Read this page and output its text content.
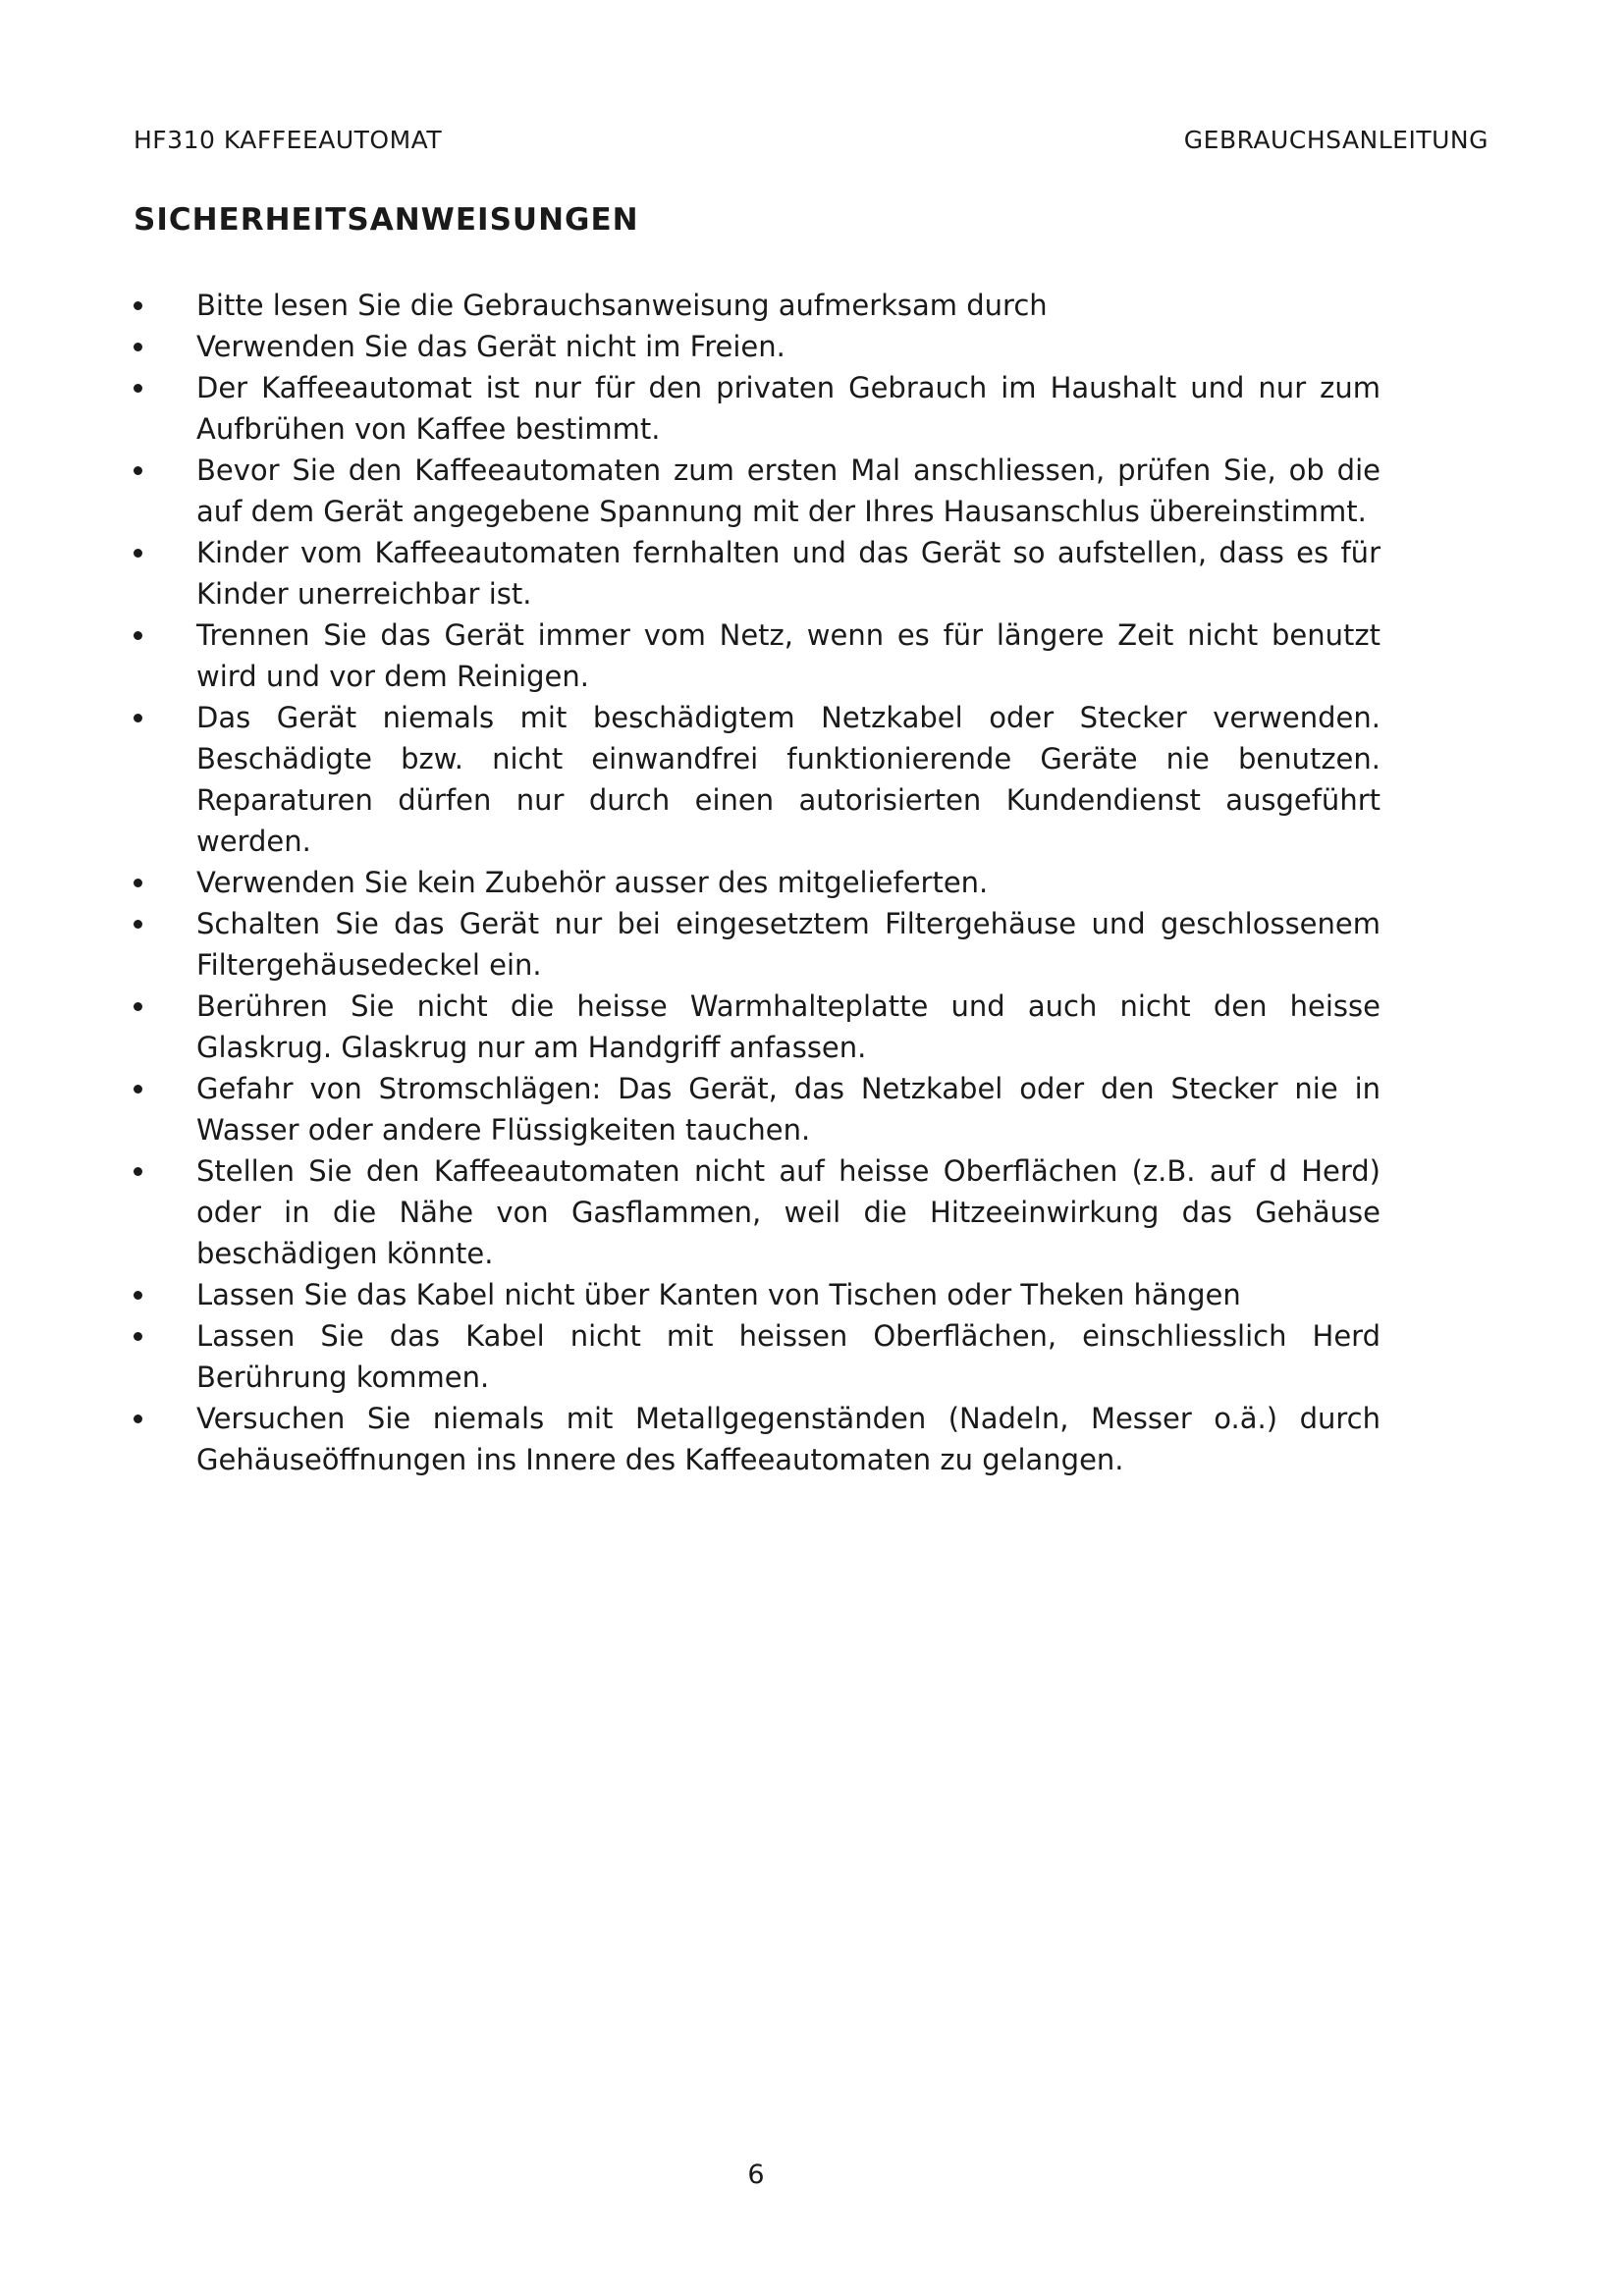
HF310 KAFFEEAUTOMAT	GEBRAUCHSANLEITUNG
SICHERHEITSANWEISUNGEN
Bitte lesen Sie die Gebrauchsanweisung aufmerksam durch
Verwenden Sie das Gerät nicht im Freien.
Der Kaffeeautomat ist nur für den privaten Gebrauch im Haushalt und nur zum Aufbrühen von Kaffee bestimmt.
Bevor Sie den Kaffeeautomaten zum ersten Mal anschliessen, prüfen Sie, ob die auf dem Gerät angegebene Spannung mit der Ihres Hausanschlus übereinstimmt.
Kinder vom Kaffeeautomaten fernhalten und das Gerät so aufstellen, dass es für Kinder unerreichbar ist.
Trennen Sie das Gerät immer vom Netz, wenn es für längere Zeit nicht benutzt wird und vor dem Reinigen.
Das Gerät niemals mit beschädigtem Netzkabel oder Stecker verwenden. Beschädigte bzw. nicht einwandfrei funktionierende Geräte nie benutzen. Reparaturen dürfen nur durch einen autorisierten Kundendienst ausgeführt werden.
Verwenden Sie kein Zubehör ausser des mitgelieferten.
Schalten Sie das Gerät nur bei eingesetztem Filtergehäuse und geschlossenem Filtergehäusedeckel ein.
Berühren Sie nicht die heisse Warmhalteplatte und auch nicht den heisse Glaskrug. Glaskrug nur am Handgriff anfassen.
Gefahr von Stromschlägen: Das Gerät, das Netzkabel oder den Stecker nie in Wasser oder andere Flüssigkeiten tauchen.
Stellen Sie den Kaffeeautomaten nicht auf heisse Oberflächen (z.B. auf d Herd) oder in die Nähe von Gasflammen, weil die Hitzeeinwirkung das Gehäuse beschädigen könnte.
Lassen Sie das Kabel nicht über Kanten von Tischen oder Theken hängen
Lassen Sie das Kabel nicht mit heissen Oberflächen, einschliesslich Herd Berührung kommen.
Versuchen Sie niemals mit Metallgegenständen (Nadeln, Messer o.ä.) durch Gehäuseöffnungen ins Innere des Kaffeeautomaten zu gelangen.
6
